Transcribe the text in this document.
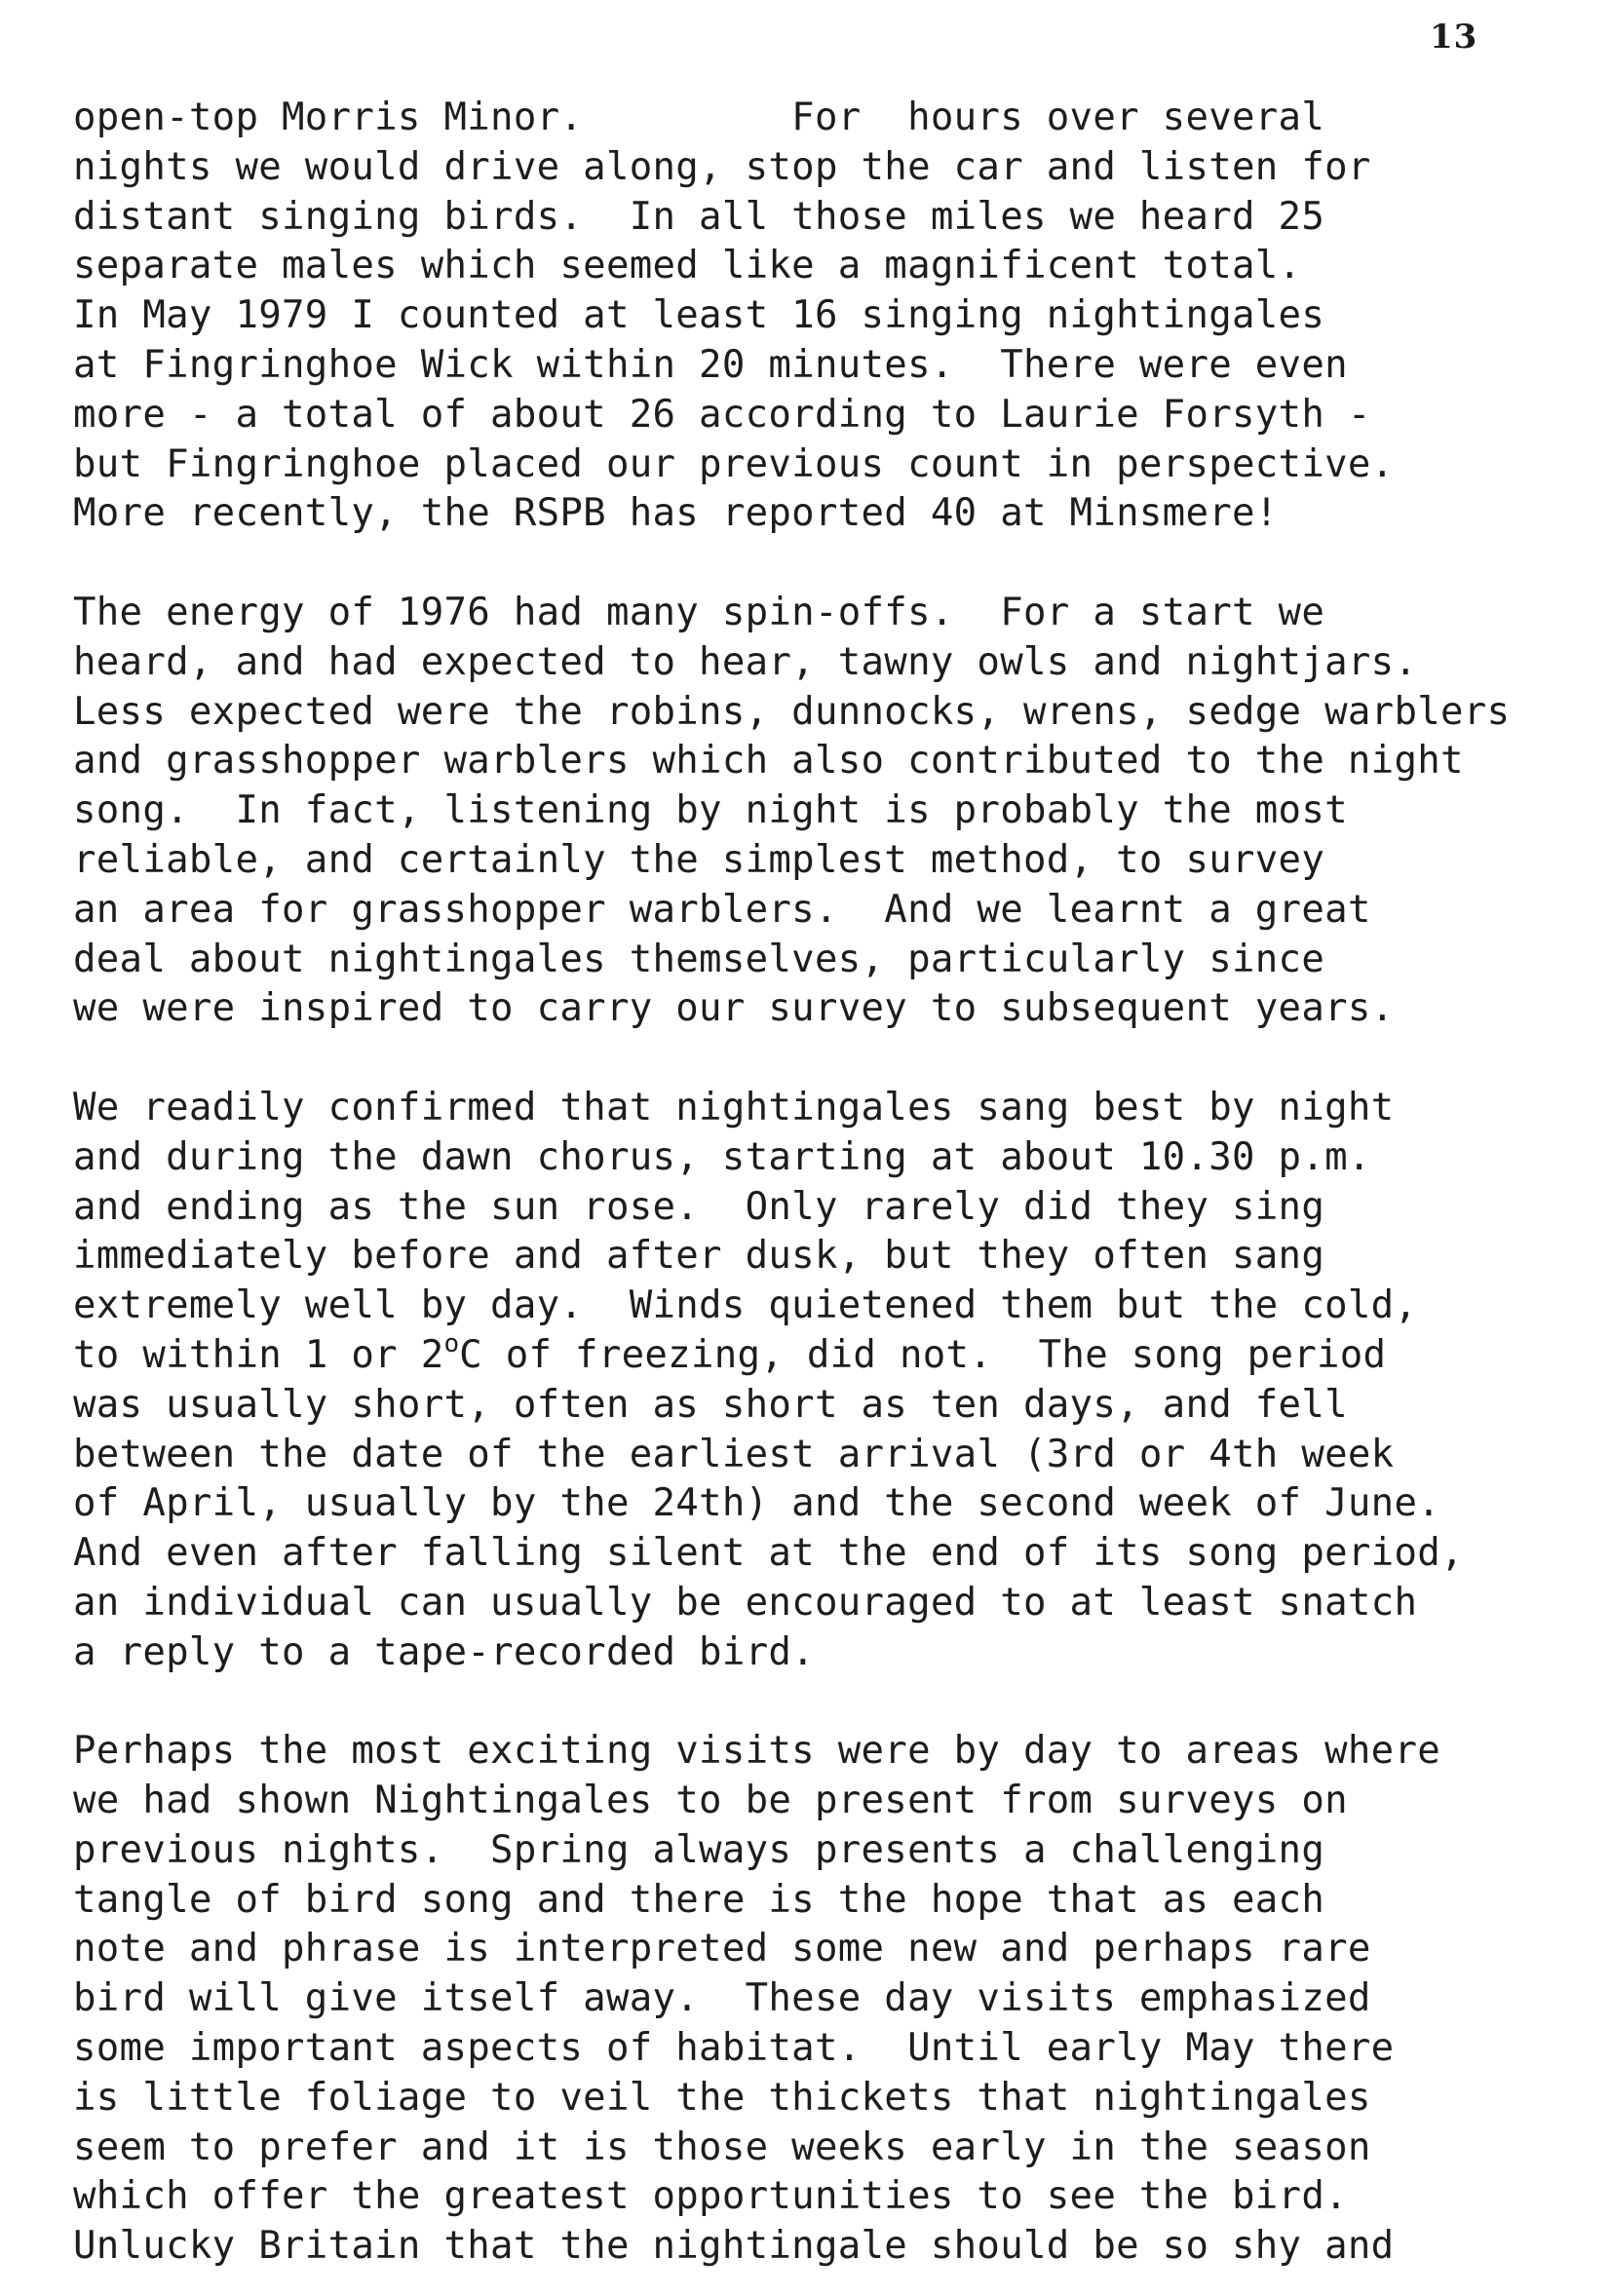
13
open-top Morris Minor.         For  hours over several
nights we would drive along, stop the car and listen for
distant singing birds.  In all those miles we heard 25
separate males which seemed like a magnificent total.
In May 1979 I counted at least 16 singing nightingales
at Fingringhoe Wick within 20 minutes.  There were even
more - a total of about 26 according to Laurie Forsyth -
but Fingringhoe placed our previous count in perspective.
More recently, the RSPB has reported 40 at Minsmere!
The energy of 1976 had many spin-offs.  For a start we
heard, and had expected to hear, tawny owls and nightjars.
Less expected were the robins, dunnocks, wrens, sedge warblers
and grasshopper warblers which also contributed to the night
song.  In fact, listening by night is probably the most
reliable, and certainly the simplest method, to survey
an area for grasshopper warblers.  And we learnt a great
deal about nightingales themselves, particularly since
we were inspired to carry our survey to subsequent years.
We readily confirmed that nightingales sang best by night
and during the dawn chorus, starting at about 10.30 p.m.
and ending as the sun rose.  Only rarely did they sing
immediately before and after dusk, but they often sang
extremely well by day.  Winds quietened them but the cold,
to within 1 or 2$^o$C of freezing, did not.  The song period
was usually short, often as short as ten days, and fell
between the date of the earliest arrival (3rd or 4th week
of April, usually by the 24th) and the second week of June.
And even after falling silent at the end of its song period,
an individual can usually be encouraged to at least snatch
a reply to a tape-recorded bird.
Perhaps the most exciting visits were by day to areas where
we had shown Nightingales to be present from surveys on
previous nights.  Spring always presents a challenging
tangle of bird song and there is the hope that as each
note and phrase is interpreted some new and perhaps rare
bird will give itself away.  These day visits emphasized
some important aspects of habitat.  Until early May there
is little foliage to veil the thickets that nightingales
seem to prefer and it is those weeks early in the season
which offer the greatest opportunities to see the bird.
Unlucky Britain that the nightingale should be so shy and
